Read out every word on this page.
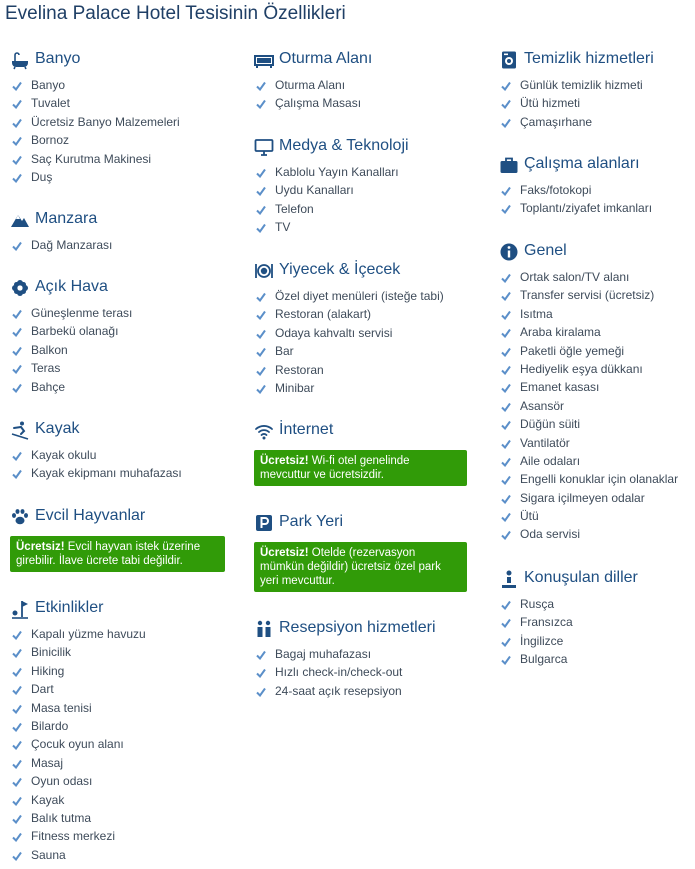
Evelina Palace Hotel Tesisinin Özellikleri
Banyo
Banyo
Tuvalet
Ücretsiz Banyo Malzemeleri
Bornoz
Saç Kurutma Makinesi
Duş
Manzara
Dağ Manzarası
Açık Hava
Güneşlenme terası
Barbekü olanağı
Balkon
Teras
Bahçe
Kayak
Kayak okulu
Kayak ekipmanı muhafazası
Evcil Hayvanlar
Ücretsiz! Evcil hayvan istek üzerine girebilir. İlave ücrete tabi değildir.
Etkinlikler
Kapalı yüzme havuzu
Binicilik
Hiking
Dart
Masa tenisi
Bilardo
Çocuk oyun alanı
Masaj
Oyun odası
Kayak
Balık tutma
Fitness merkezi
Sauna
Oturma Alanı
Oturma Alanı
Çalışma Masası
Medya & Teknoloji
Kablolu Yayın Kanalları
Uydu Kanalları
Telefon
TV
Yiyecek & İçecek
Özel diyet menüleri (isteğe tabi)
Restoran (alakart)
Odaya kahvaltı servisi
Bar
Restoran
Minibar
İnternet
Ücretsiz! Wi-fi otel genelinde mevcuttur ve ücretsizdir.
Park Yeri
Ücretsiz! Otelde (rezervasyon mümkün değildir) ücretsiz özel park yeri mevcuttur.
Resepsiyon hizmetleri
Bagaj muhafazası
Hızlı check-in/check-out
24-saat açık resepsiyon
Temizlik hizmetleri
Günlük temizlik hizmeti
Ütü hizmeti
Çamaşırhane
Çalışma alanları
Faks/fotokopi
Toplantı/ziyafet imkanları
Genel
Ortak salon/TV alanı
Transfer servisi (ücretsiz)
Isıtma
Araba kiralama
Paketli öğle yemeği
Hediyelik eşya dükkanı
Emanet kasası
Asansör
Düğün süiti
Vantilatör
Aile odaları
Engelli konuklar için olanaklar
Sigara içilmeyen odalar
Ütü
Oda servisi
Konuşulan diller
Rusça
Fransızca
İngilizce
Bulgarca
